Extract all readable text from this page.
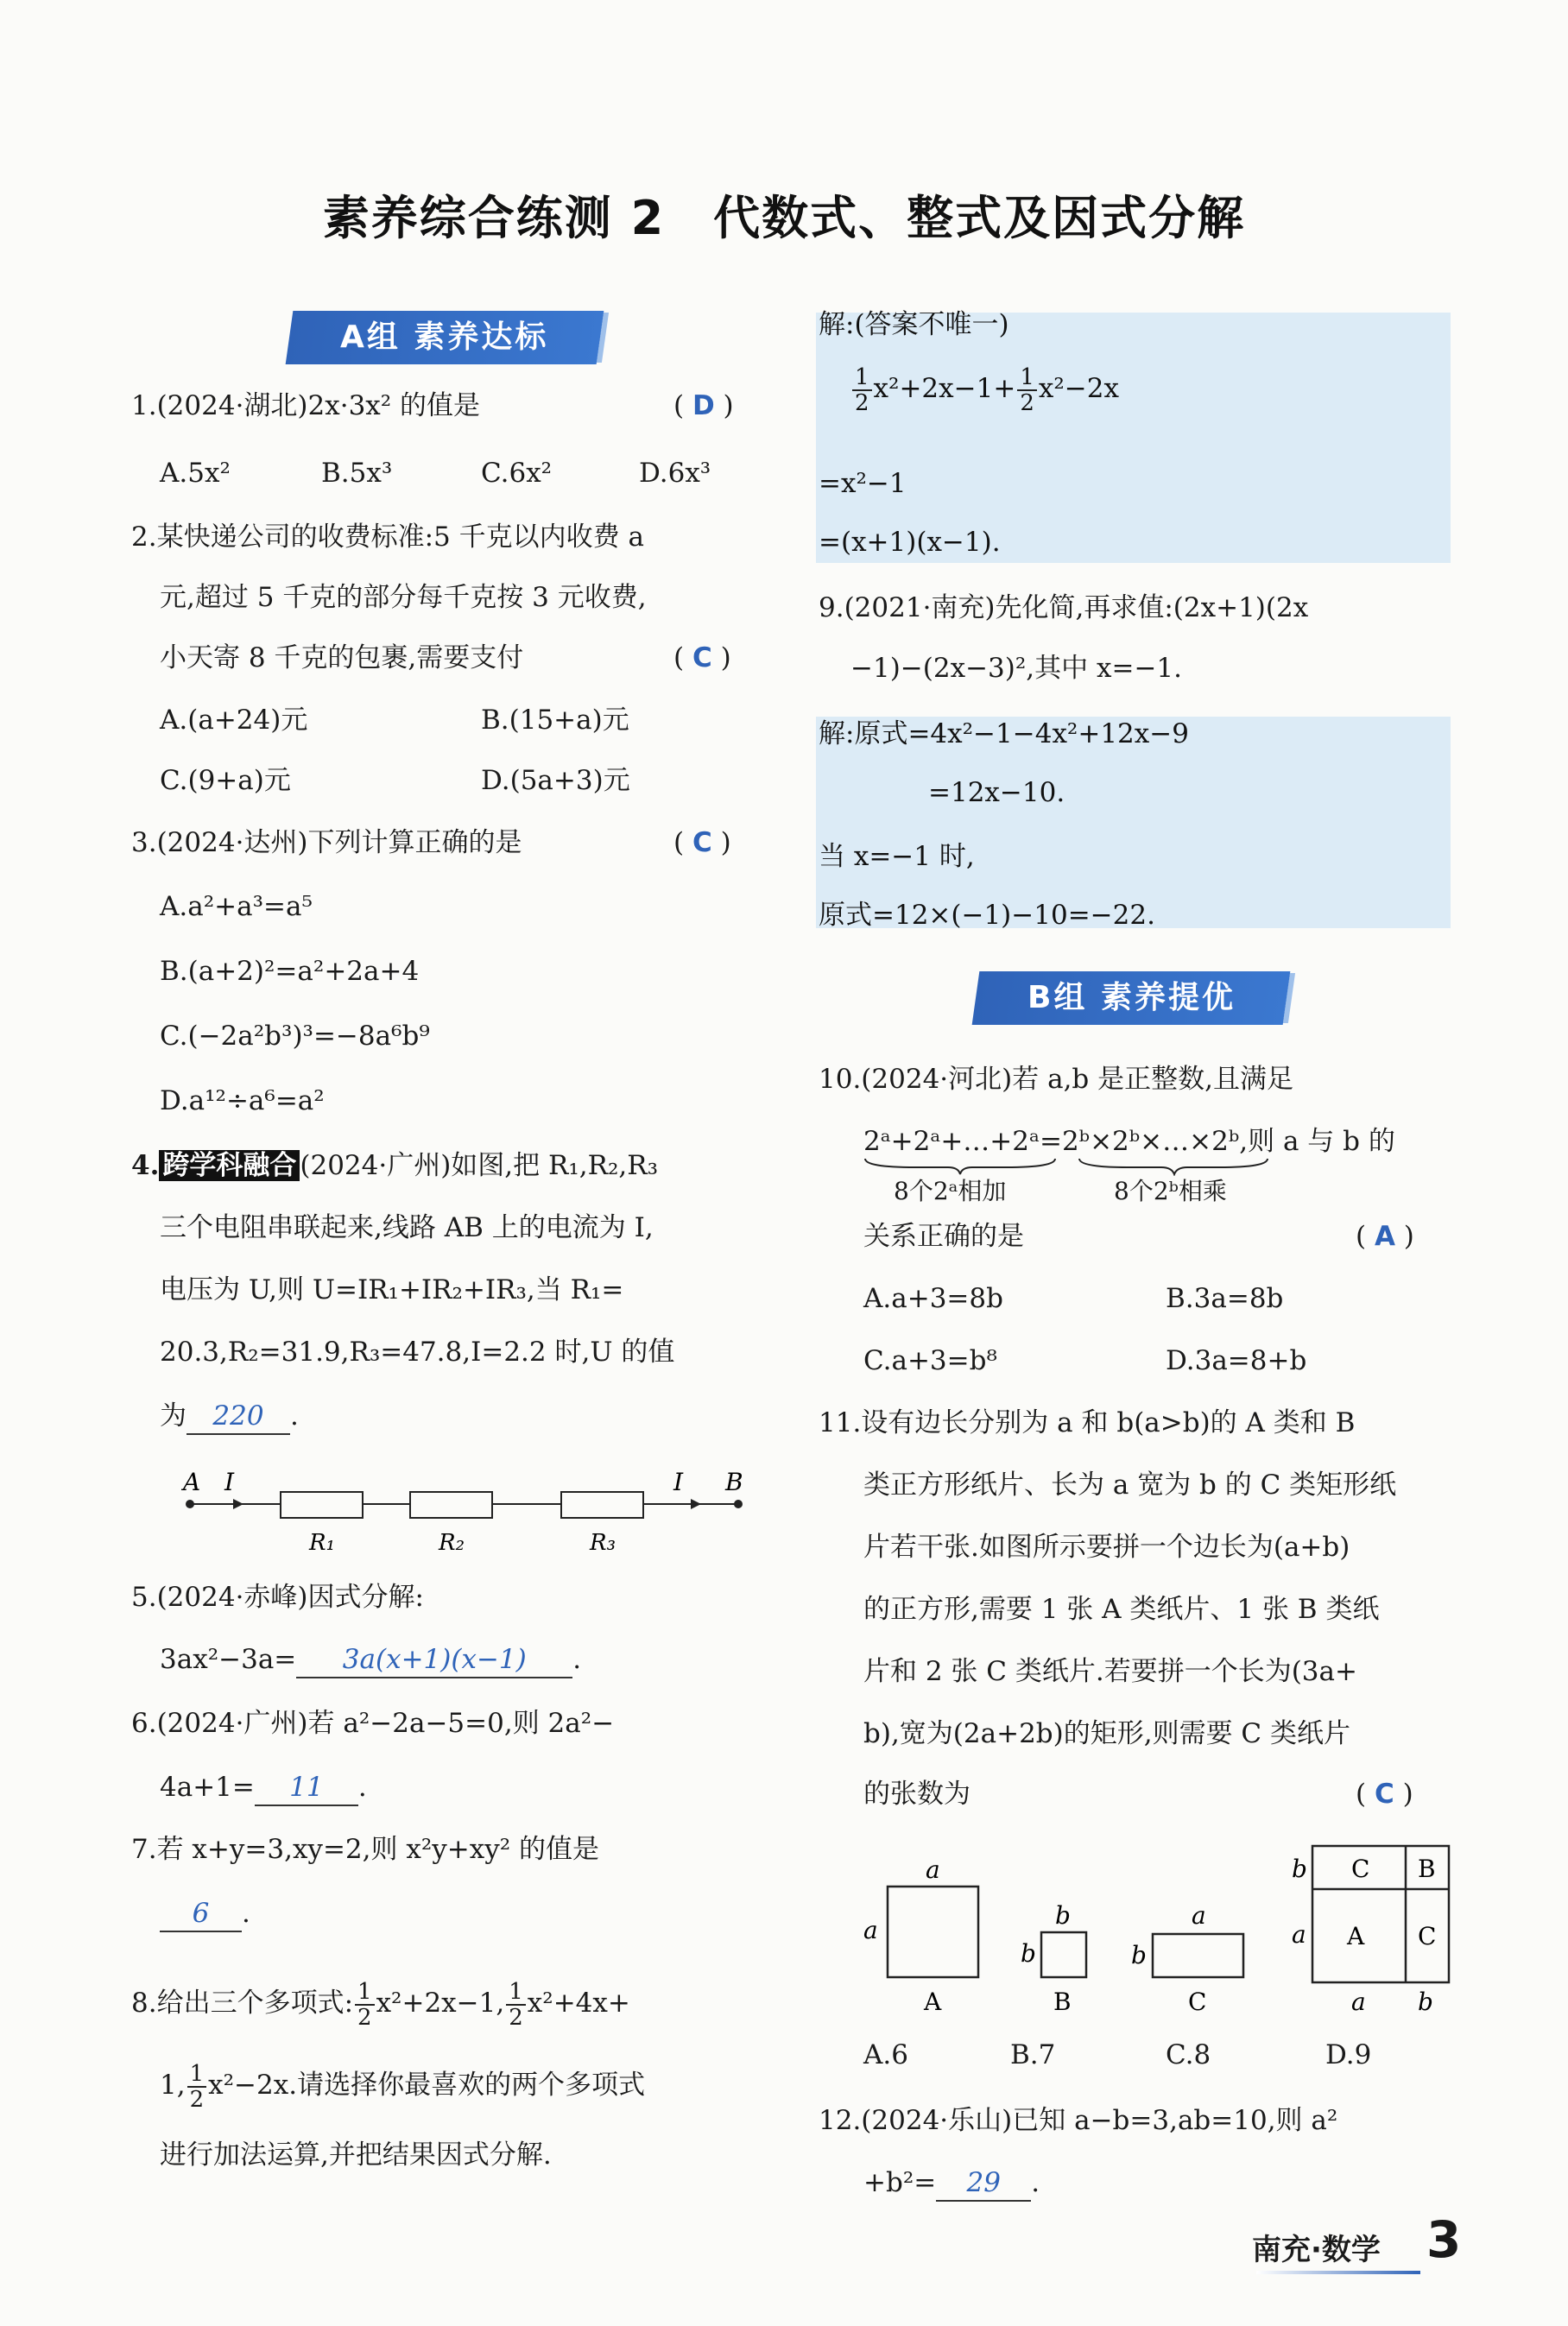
素养综合练测 2　代数式、整式及因式分解
A组 素养达标
1.(2024·湖北)2x·3x² 的值是	( D )
A.5x²	B.5x³	C.6x²	D.6x³
2.某快递公司的收费标准:5 千克以内收费 a
元,超过 5 千克的部分每千克按 3 元收费,
小天寄 8 千克的包裹,需要支付	( C )
A.(a+24)元	B.(15+a)元
C.(9+a)元	D.(5a+3)元
3.(2024·达州)下列计算正确的是	( C )
A.a²+a³=a⁵
B.(a+2)²=a²+2a+4
C.(−2a²b³)³=−8a⁶b⁹
D.a¹²÷a⁶=a²
4. 跨学科融合 (2024·广州)如图,把 R₁,R₂,R₃
三个电阻串联起来,线路 AB 上的电流为 I,
电压为 U,则 U=IR₁+IR₂+IR₃,当 R₁=
20.3,R₂=31.9,R₃=47.8,I=2.2 时,U 的值
为 220 .
A I	I B
R₁	R₂	R₃
5.(2024·赤峰)因式分解:
3ax²−3a= 3a(x+1)(x−1) .
6.(2024·广州)若 a²−2a−5=0,则 2a²−
4a+1= 11 .
7.若 x+y=3,xy=2,则 x²y+xy² 的值是
6 .
8.给出三个多项式: $\frac{1}{2} x^2+2x-1$, $\frac{1}{2} x^2+4x+$
1, $\frac{1}{2} x^2-2x$.请选择你最喜欢的两个多项式
进行加法运算,并把结果因式分解.
解:(答案不唯一)
$\frac{1}{2} x^2+2x-1+ \frac{1}{2} x^2-2x$
=x²−1
=(x+1)(x−1).
9.(2021·南充)先化简,再求值:(2x+1)(2x
−1)−(2x−3)²,其中 x=−1.
解:原式=4x²−1−4x²+12x−9
=12x−10.
当 x=−1 时,
原式=12×(−1)−10=−22.
B组 素养提优
10.(2024·河北)若 a,b 是正整数,且满足
2ᵃ+2ᵃ+…+2ᵃ=2ᵇ×2ᵇ×…×2ᵇ,则 a 与 b 的
8个2ᵃ相加	8个2ᵇ相乘
关系正确的是	( A )
A.a+3=8b	B.3a=8b
C.a+3=b⁸	D.3a=8+b
11.设有边长分别为 a 和 b(a>b)的 A 类和 B
类正方形纸片、长为 a 宽为 b 的 C 类矩形纸
片若干张.如图所示要拼一个边长为(a+b)
的正方形,需要 1 张 A 类纸片、1 张 B 类纸
片和 2 张 C 类纸片.若要拼一个长为(3a+
b),宽为(2a+2b)的矩形,则需要 C 类纸片
的张数为	( C )
a
a
A
b
b
B
a
b
C
C B
A C
b
a
a b
A.6	B.7	C.8	D.9
12.(2024·乐山)已知 a−b=3,ab=10,则 a²
+b²= 29 .
南充·数学 3
